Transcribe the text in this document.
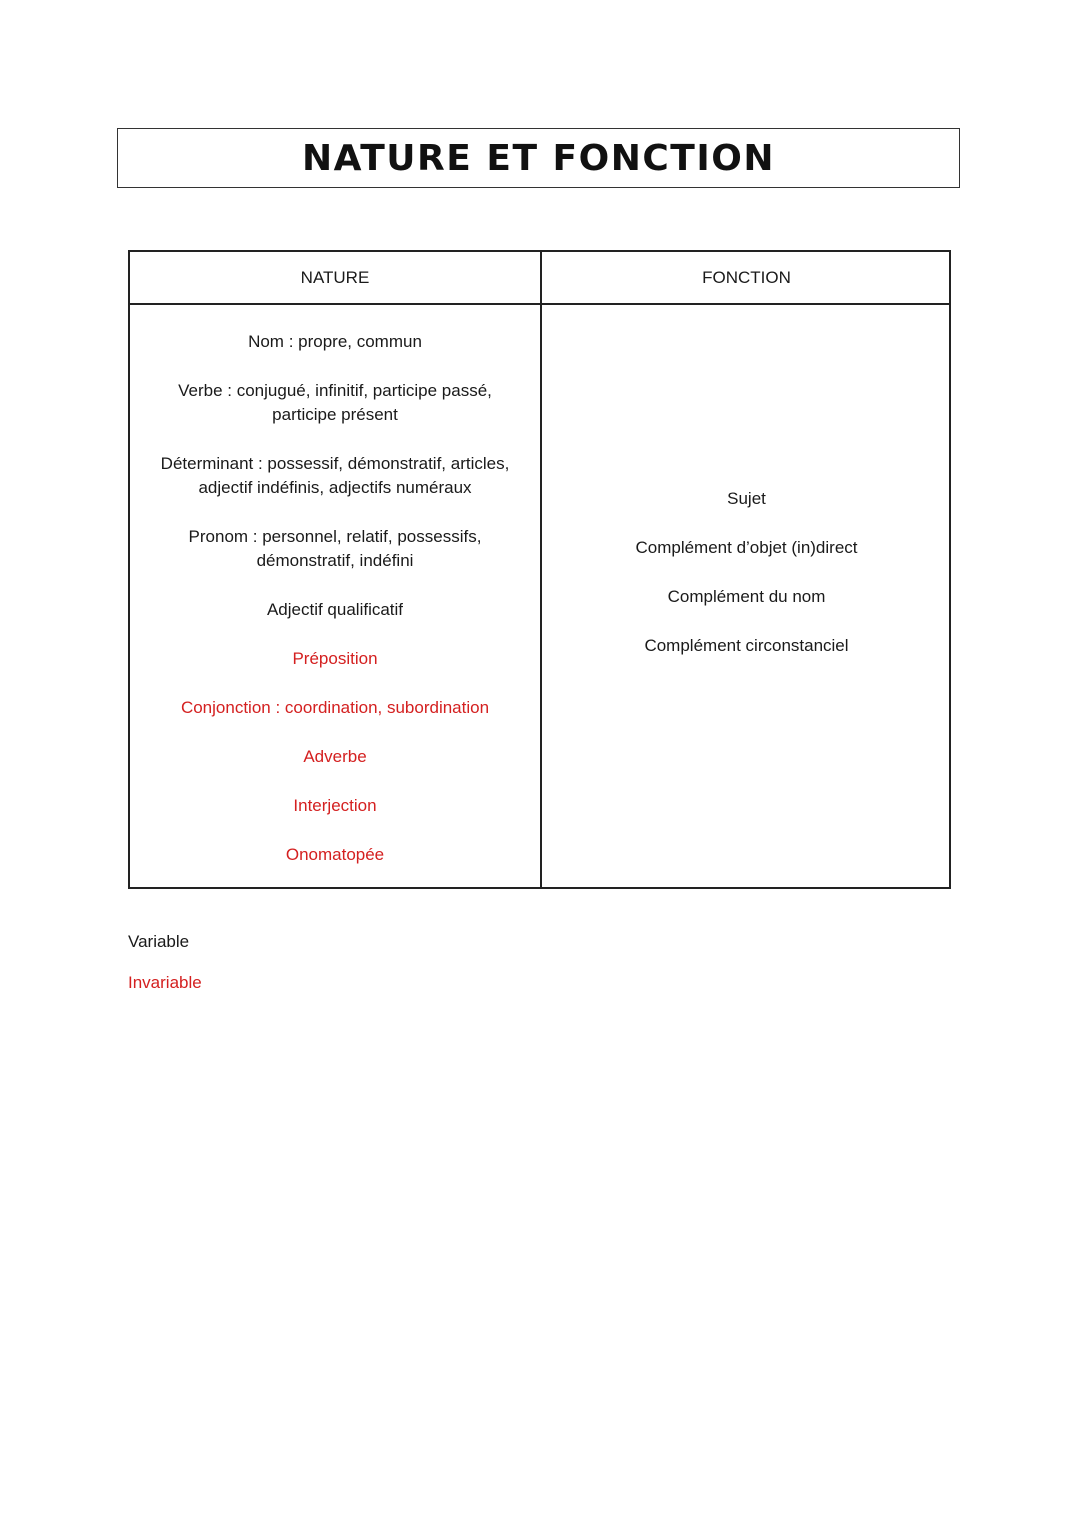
NATURE ET FONCTION
NATURE	FONCTION
Nom : propre, commun
Verbe : conjugué, infinitif, participe passé,
participe présent
Déterminant : possessif, démonstratif, articles,
adjectif indéfinis, adjectifs numéraux
Pronom : personnel, relatif, possessifs,
démonstratif, indéfini
Adjectif qualificatif
Préposition
Conjonction : coordination, subordination
Adverbe
Interjection
Onomatopée
Sujet
Complément d’objet (in)direct
Complément du nom
Complément circonstanciel
Variable
Invariable
